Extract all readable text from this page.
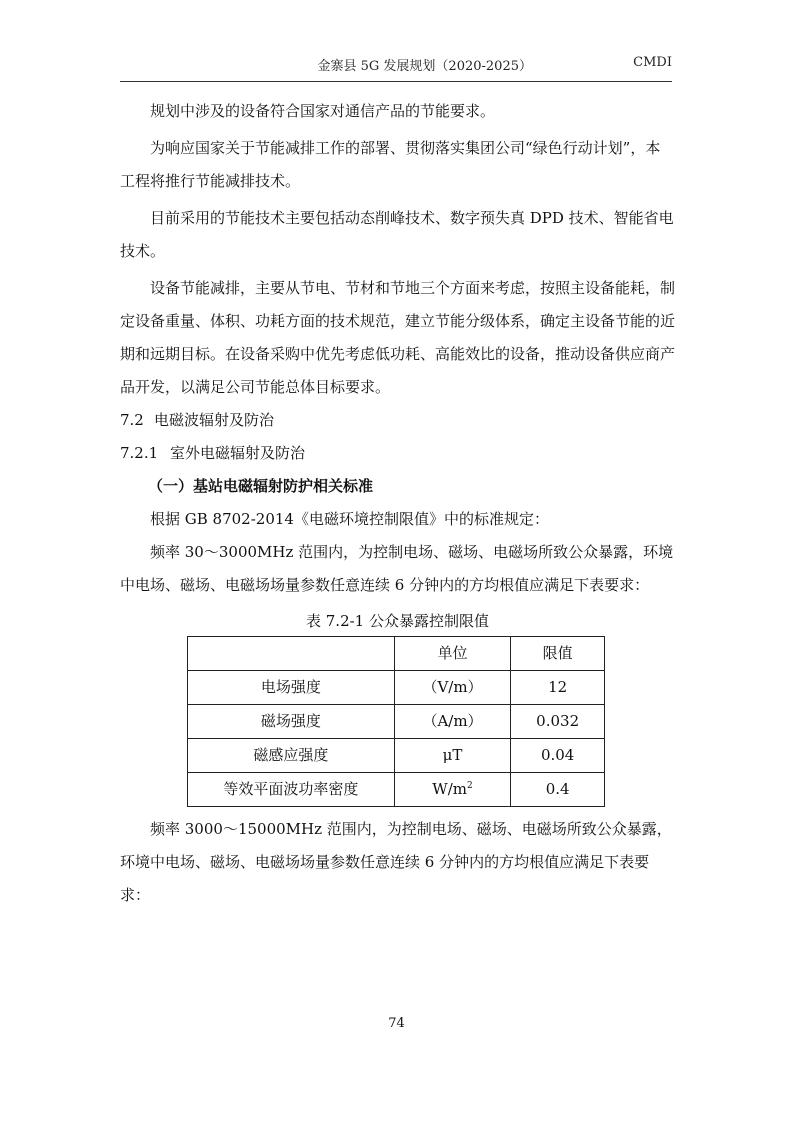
金寨县 5G 发展规划（2020-2025）	CMDI

规划中涉及的设备符合国家对通信产品的节能要求。

为响应国家关于节能减排工作的部署、贯彻落实集团公司“绿色行动计划”，本工程将推行节能减排技术。

目前采用的节能技术主要包括动态削峰技术、数字预失真 DPD 技术、智能省电技术。

设备节能减排，主要从节电、节材和节地三个方面来考虑，按照主设备能耗，制定设备重量、体积、功耗方面的技术规范，建立节能分级体系，确定主设备节能的近期和远期目标。在设备采购中优先考虑低功耗、高能效比的设备，推动设备供应商产品开发，以满足公司节能总体目标要求。

7.2 电磁波辐射及防治
7.2.1 室外电磁辐射及防治
（一）基站电磁辐射防护相关标准

根据 GB 8702-2014《电磁环境控制限值》中的标准规定：

频率 30～3000MHz 范围内，为控制电场、磁场、电磁场所致公众暴露，环境中电场、磁场、电磁场场量参数任意连续 6 分钟内的方均根值应满足下表要求：

表 7.2-1 公众暴露控制限值
	单位	限值
电场强度	（V/m）	12
磁场强度	（A/m）	0.032
磁感应强度	μT	0.04
等效平面波功率密度	$W/m^2$	0.4

频率 3000～15000MHz 范围内，为控制电场、磁场、电磁场所致公众暴露，环境中电场、磁场、电磁场场量参数任意连续 6 分钟内的方均根值应满足下表要求：

74
